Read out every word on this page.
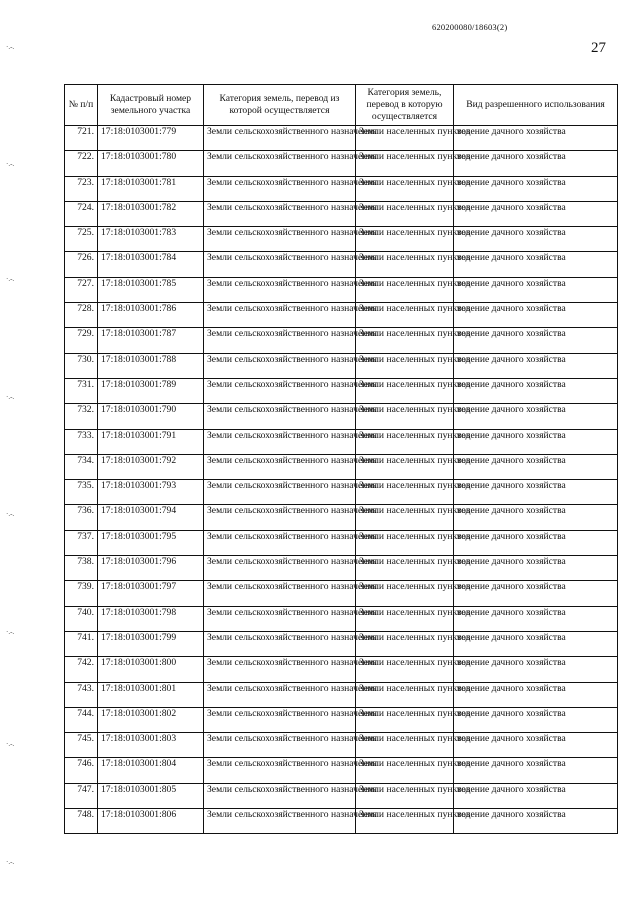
620200080/18603(2)
27
·.-.
·.-.
·.-.
·.-.
·.-.
·.-.
·.-.
·.-.
№ п/п	Кадастровый номер земельного участка	Категория земель, перевод из которой осуществляется	Категория земель, перевод в которую осуществляется	Вид разрешенного использования
721.	17:18:0103001:779	Земли сельскохозяйственного назначения	Земли населенных пунктов	ведение дачного хозяйства
722.	17:18:0103001:780	Земли сельскохозяйственного назначения	Земли населенных пунктов	ведение дачного хозяйства
723.	17:18:0103001:781	Земли сельскохозяйственного назначения	Земли населенных пунктов	ведение дачного хозяйства
724.	17:18:0103001:782	Земли сельскохозяйственного назначения	Земли населенных пунктов	ведение дачного хозяйства
725.	17:18:0103001:783	Земли сельскохозяйственного назначения	Земли населенных пунктов	ведение дачного хозяйства
726.	17:18:0103001:784	Земли сельскохозяйственного назначения	Земли населенных пунктов	ведение дачного хозяйства
727.	17:18:0103001:785	Земли сельскохозяйственного назначения	Земли населенных пунктов	ведение дачного хозяйства
728.	17:18:0103001:786	Земли сельскохозяйственного назначения	Земли населенных пунктов	ведение дачного хозяйства
729.	17:18:0103001:787	Земли сельскохозяйственного назначения	Земли населенных пунктов	ведение дачного хозяйства
730.	17:18:0103001:788	Земли сельскохозяйственного назначения	Земли населенных пунктов	ведение дачного хозяйства
731.	17:18:0103001:789	Земли сельскохозяйственного назначения	Земли населенных пунктов	ведение дачного хозяйства
732.	17:18:0103001:790	Земли сельскохозяйственного назначения	Земли населенных пунктов	ведение дачного хозяйства
733.	17:18:0103001:791	Земли сельскохозяйственного назначения	Земли населенных пунктов	ведение дачного хозяйства
734.	17:18:0103001:792	Земли сельскохозяйственного назначения	Земли населенных пунктов	ведение дачного хозяйства
735.	17:18:0103001:793	Земли сельскохозяйственного назначения	Земли населенных пунктов	ведение дачного хозяйства
736.	17:18:0103001:794	Земли сельскохозяйственного назначения	Земли населенных пунктов	ведение дачного хозяйства
737.	17:18:0103001:795	Земли сельскохозяйственного назначения	Земли населенных пунктов	ведение дачного хозяйства
738.	17:18:0103001:796	Земли сельскохозяйственного назначения	Земли населенных пунктов	ведение дачного хозяйства
739.	17:18:0103001:797	Земли сельскохозяйственного назначения	Земли населенных пунктов	ведение дачного хозяйства
740.	17:18:0103001:798	Земли сельскохозяйственного назначения	Земли населенных пунктов	ведение дачного хозяйства
741.	17:18:0103001:799	Земли сельскохозяйственного назначения	Земли населенных пунктов	ведение дачного хозяйства
742.	17:18:0103001:800	Земли сельскохозяйственного назначения	Земли населенных пунктов	ведение дачного хозяйства
743.	17:18:0103001:801	Земли сельскохозяйственного назначения	Земли населенных пунктов	ведение дачного хозяйства
744.	17:18:0103001:802	Земли сельскохозяйственного назначения	Земли населенных пунктов	ведение дачного хозяйства
745.	17:18:0103001:803	Земли сельскохозяйственного назначения	Земли населенных пунктов	ведение дачного хозяйства
746.	17:18:0103001:804	Земли сельскохозяйственного назначения	Земли населенных пунктов	ведение дачного хозяйства
747.	17:18:0103001:805	Земли сельскохозяйственного назначения	Земли населенных пунктов	ведение дачного хозяйства
748.	17:18:0103001:806	Земли сельскохозяйственного назначения	Земли населенных пунктов	ведение дачного хозяйства
